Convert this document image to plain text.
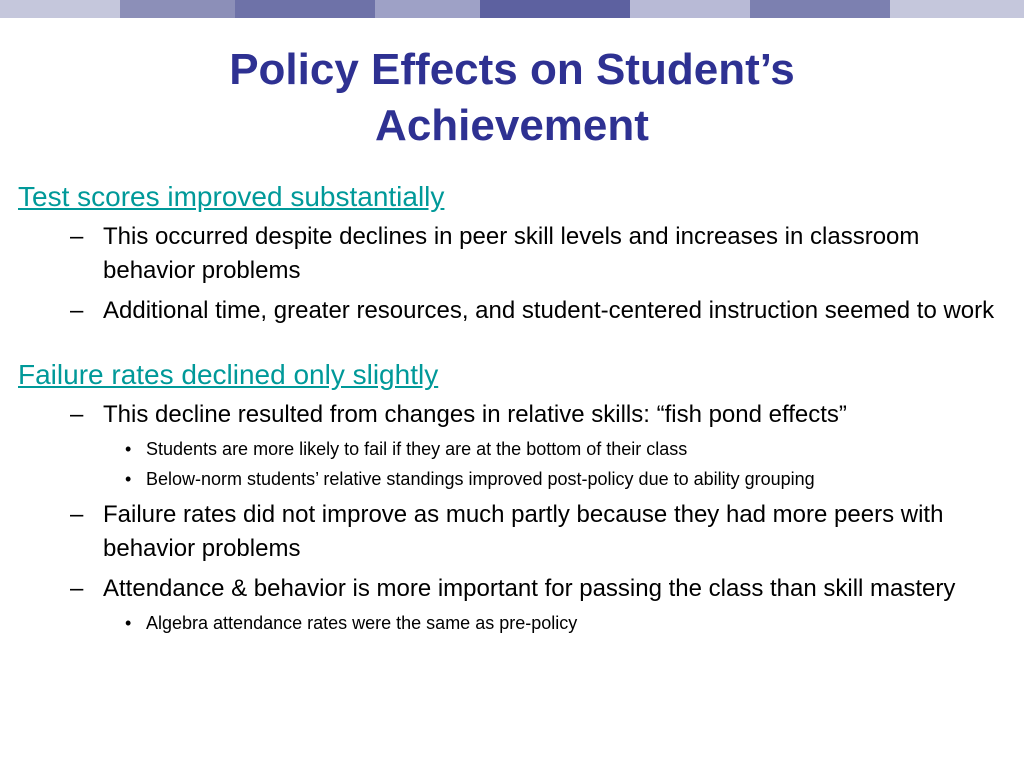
Policy Effects on Student’s
Achievement
Test scores improved substantially
– This occurred despite declines in peer skill levels and increases in classroom behavior problems
– Additional time, greater resources, and student-centered instruction seemed to work
Failure rates declined only slightly
– This decline resulted from changes in relative skills: “fish pond effects”
• Students are more likely to fail if they are at the bottom of their class
• Below-norm students’ relative standings improved post-policy due to ability grouping
– Failure rates did not improve as much partly because they had more peers with behavior problems
– Attendance & behavior is more important for passing the class than skill mastery
• Algebra attendance rates were the same as pre-policy
